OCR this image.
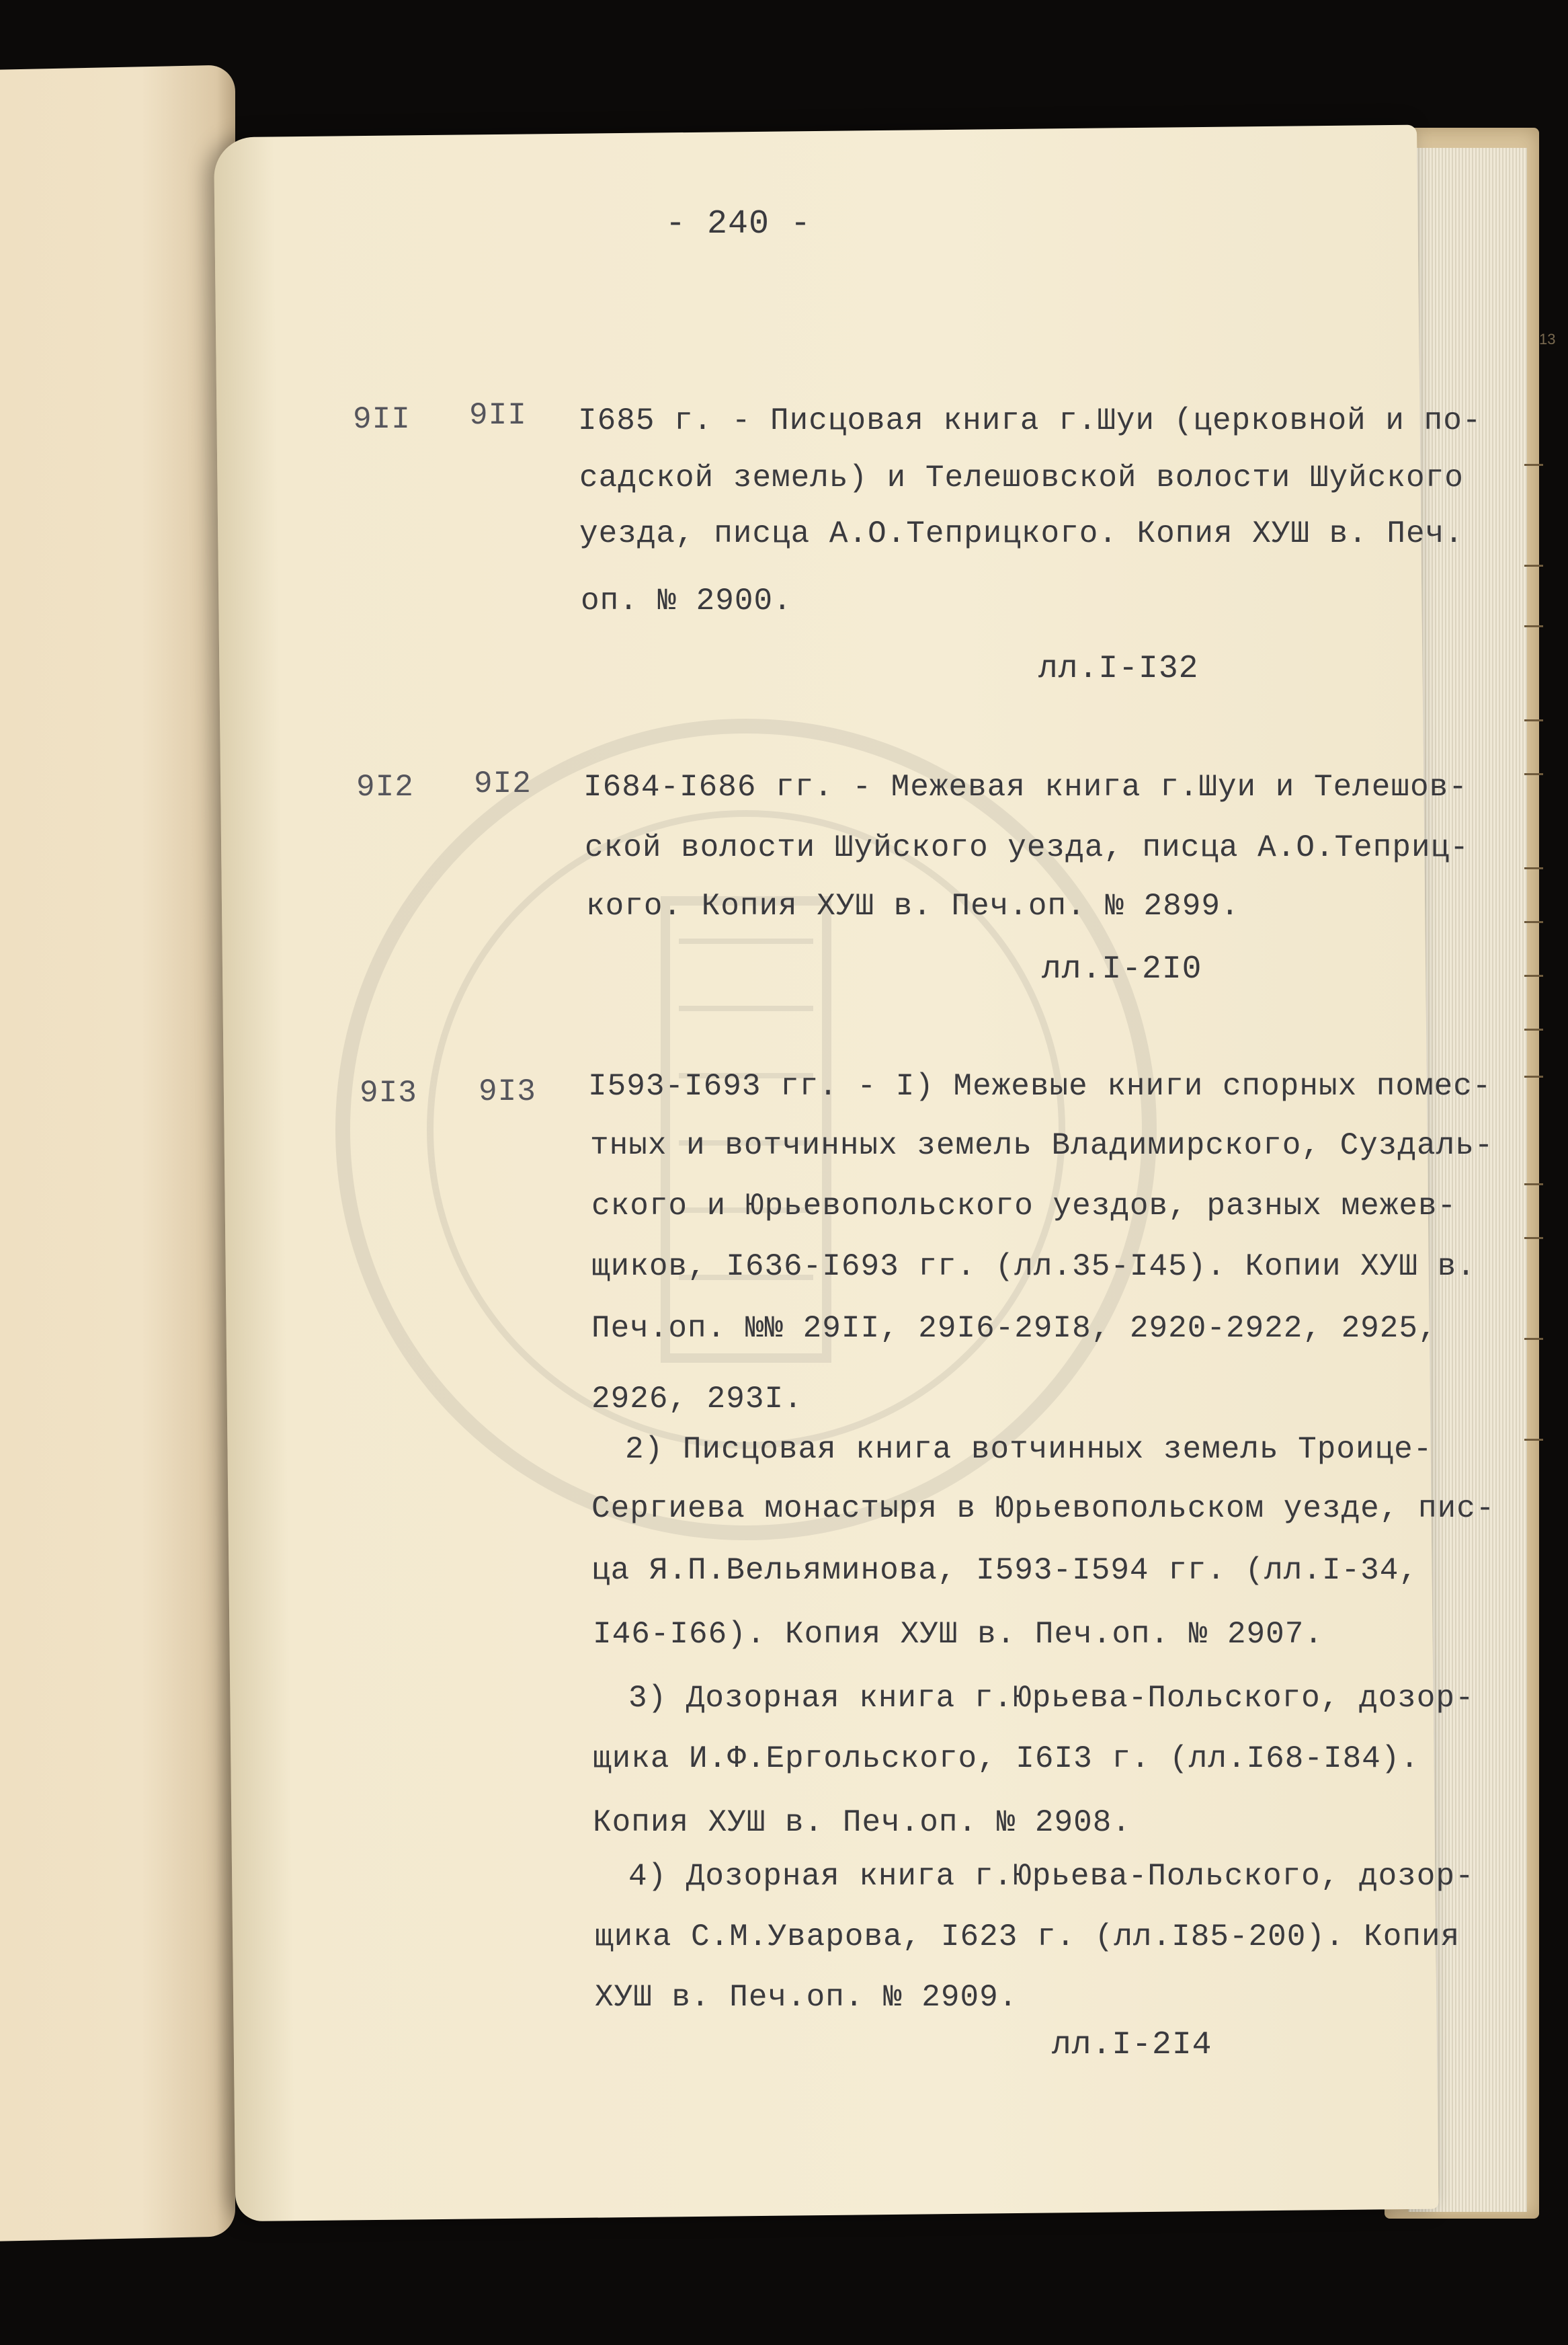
13
- 240 -
9II 9II I685 г. - Писцовая книга г.Шуи (церковной и по-
садской земель) и Телешовской волости Шуйского
уезда, писца А.О.Теприцкого. Копия ХУШ в. Печ.
оп. № 2900.
лл.I-I32
9I2 9I2 I684-I686 гг. - Межевая книга г.Шуи и Телешов-
ской волости Шуйского уезда, писца А.О.Теприц-
кого. Копия ХУШ в. Печ.оп. № 2899.
лл.I-2I0
9I3 9I3 I593-I693 гг. - I) Межевые книги спорных помес-
тных и вотчинных земель Владимирского, Суздаль-
ского и Юрьевопольского уездов, разных межев-
щиков, I636-I693 гг. (лл.35-I45). Копии ХУШ в.
Печ.оп. №№ 29II, 29I6-29I8, 2920-2922, 2925,
2926, 293I.
2) Писцовая книга вотчинных земель Троице-
Сергиева монастыря в Юрьевопольском уезде, пис-
ца Я.П.Вельяминова, I593-I594 гг. (лл.I-34,
I46-I66). Копия ХУШ в. Печ.оп. № 2907.
3) Дозорная книга г.Юрьева-Польского, дозор-
щика И.Ф.Ергольского, I6I3 г. (лл.I68-I84).
Копия ХУШ в. Печ.оп. № 2908.
4) Дозорная книга г.Юрьева-Польского, дозор-
щика С.М.Уварова, I623 г. (лл.I85-200). Копия
ХУШ в. Печ.оп. № 2909.
лл.I-2I4
